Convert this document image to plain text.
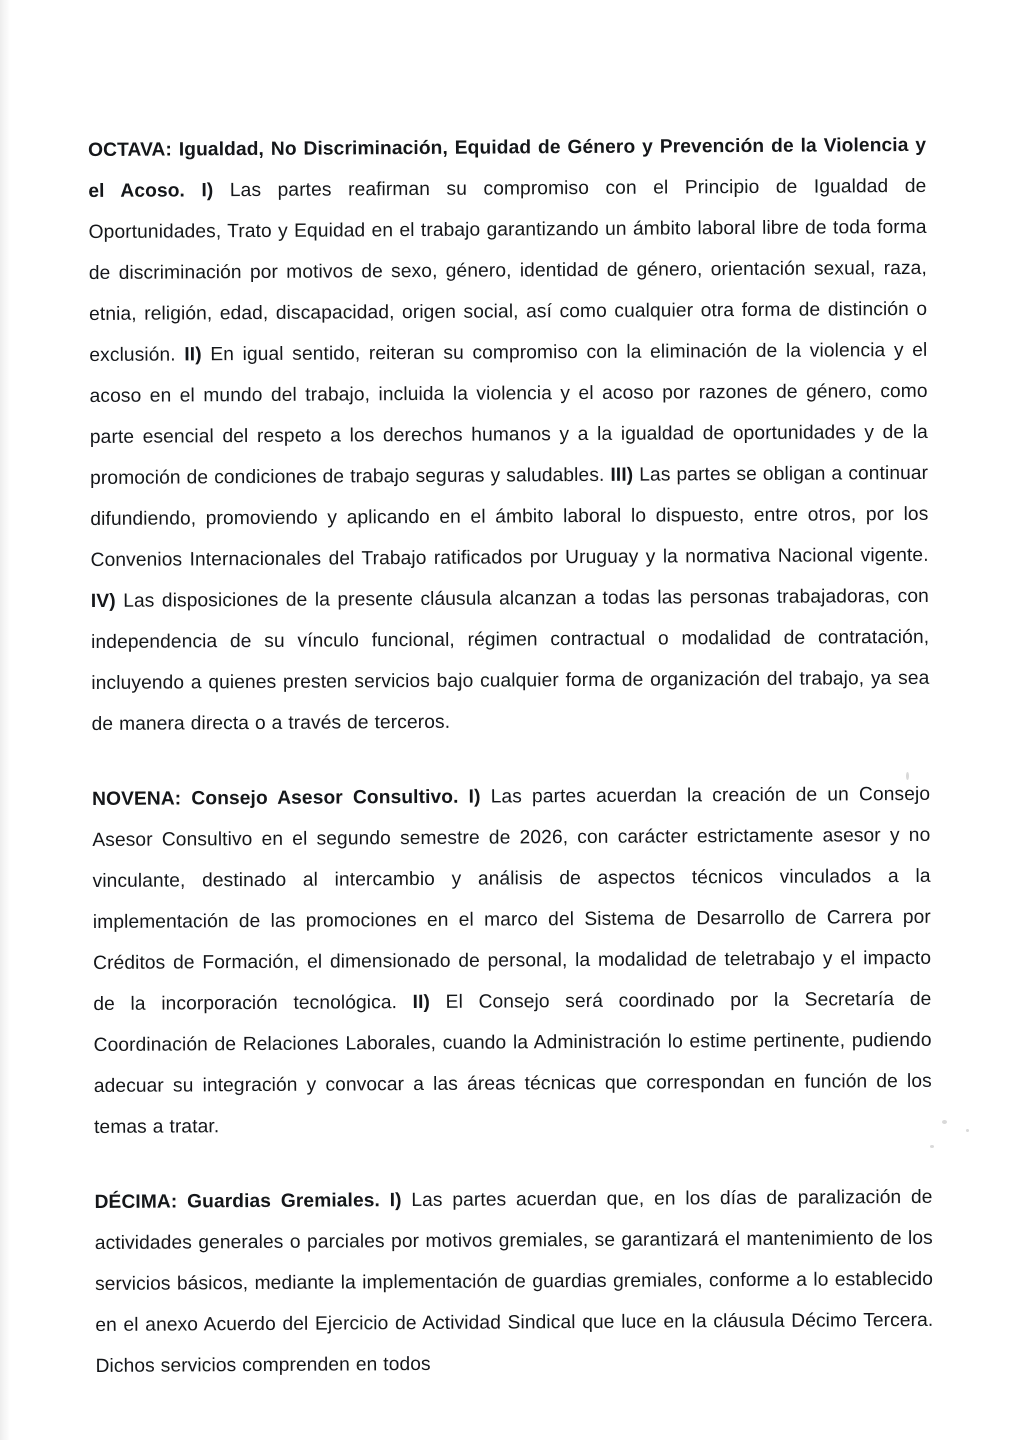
OCTAVA: Igualdad, No Discriminación, Equidad de Género y Prevención de la Violencia y el Acoso. I) Las partes reafirman su compromiso con el Principio de Igualdad de Oportunidades, Trato y Equidad en el trabajo garantizando un ámbito laboral libre de toda forma de discriminación por motivos de sexo, género, identidad de género, orientación sexual, raza, etnia, religión, edad, discapacidad, origen social, así como cualquier otra forma de distinción o exclusión. II) En igual sentido, reiteran su compromiso con la eliminación de la violencia y el acoso en el mundo del trabajo, incluida la violencia y el acoso por razones de género, como parte esencial del respeto a los derechos humanos y a la igualdad de oportunidades y de la promoción de condiciones de trabajo seguras y saludables. III) Las partes se obligan a continuar difundiendo, promoviendo y aplicando en el ámbito laboral lo dispuesto, entre otros, por los Convenios Internacionales del Trabajo ratificados por Uruguay y la normativa Nacional vigente. IV) Las disposiciones de la presente cláusula alcanzan a todas las personas trabajadoras, con independencia de su vínculo funcional, régimen contractual o modalidad de contratación, incluyendo a quienes presten servicios bajo cualquier forma de organización del trabajo, ya sea de manera directa o a través de terceros.

NOVENA: Consejo Asesor Consultivo. I) Las partes acuerdan la creación de un Consejo Asesor Consultivo en el segundo semestre de 2026, con carácter estrictamente asesor y no vinculante, destinado al intercambio y análisis de aspectos técnicos vinculados a la implementación de las promociones en el marco del Sistema de Desarrollo de Carrera por Créditos de Formación, el dimensionado de personal, la modalidad de teletrabajo y el impacto de la incorporación tecnológica. II) El Consejo será coordinado por la Secretaría de Coordinación de Relaciones Laborales, cuando la Administración lo estime pertinente, pudiendo adecuar su integración y convocar a las áreas técnicas que correspondan en función de los temas a tratar.

DÉCIMA: Guardias Gremiales. I) Las partes acuerdan que, en los días de paralización de actividades generales o parciales por motivos gremiales, se garantizará el mantenimiento de los servicios básicos, mediante la implementación de guardias gremiales, conforme a lo establecido en el anexo Acuerdo del Ejercicio de Actividad Sindical que luce en la cláusula Décimo Tercera. Dichos servicios comprenden en todos
